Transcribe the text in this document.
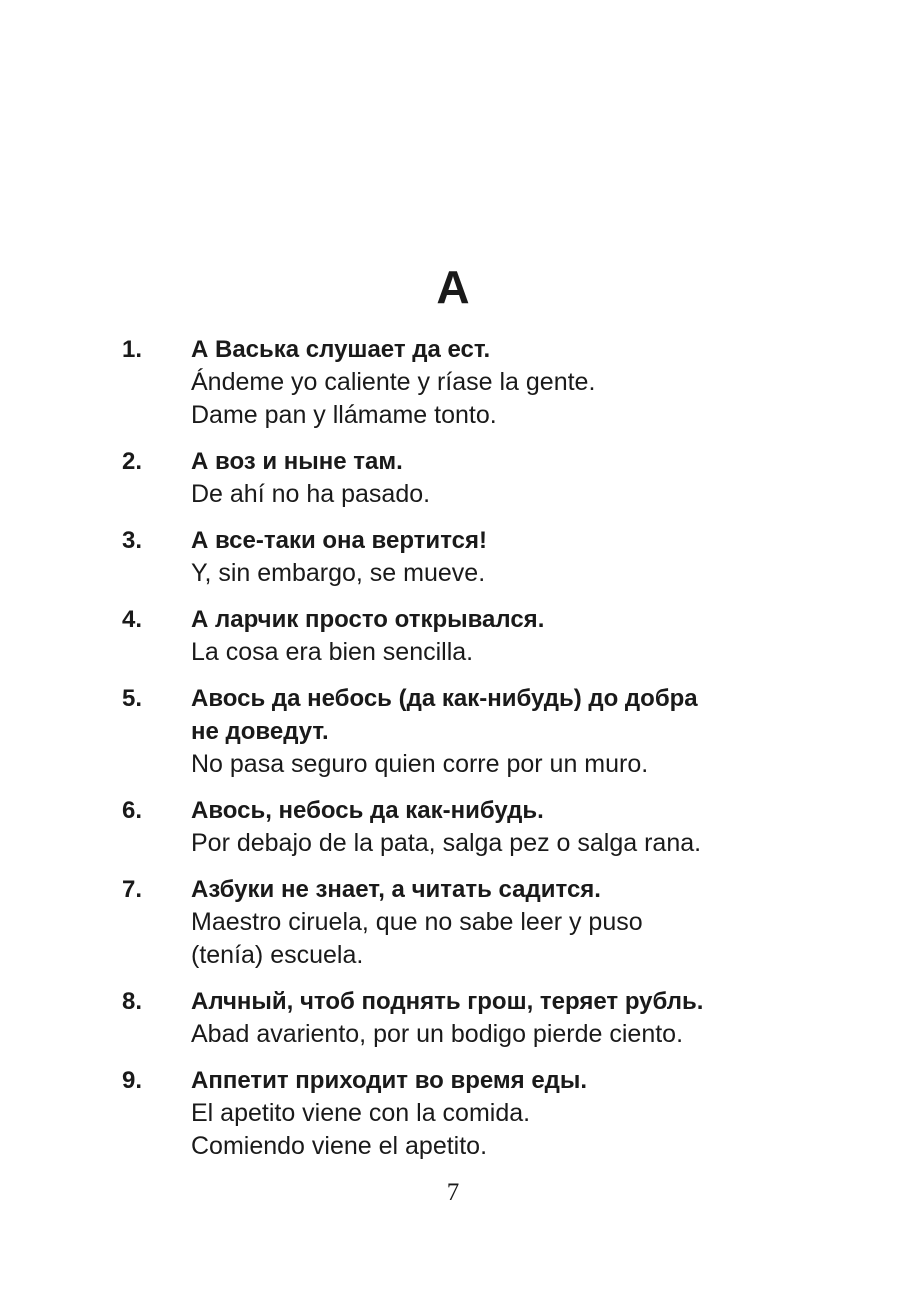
А
1. А Васька слушает да ест.
Ándeme yo caliente y ríase la gente.
Dame pan y llámame tonto.
2. А воз и ныне там.
De ahí no ha pasado.
3. А все-таки она вертится!
Y, sin embargo, se mueve.
4. А ларчик просто открывался.
La cosa era bien sencilla.
5. Авось да небось (да как-нибудь) до добра
не доведут.
No pasa seguro quien corre por un muro.
6. Авось, небось да как-нибудь.
Por debajo de la pata, salga pez o salga rana.
7. Азбуки не знает, а читать садится.
Maestro ciruela, que no sabe leer y puso
(tenía) escuela.
8. Алчный, чтоб поднять грош, теряет рубль.
Abad avariento, por un bodigo pierde ciento.
9. Аппетит приходит во время еды.
El apetito viene con la comida.
Comiendo viene el apetito.

7
